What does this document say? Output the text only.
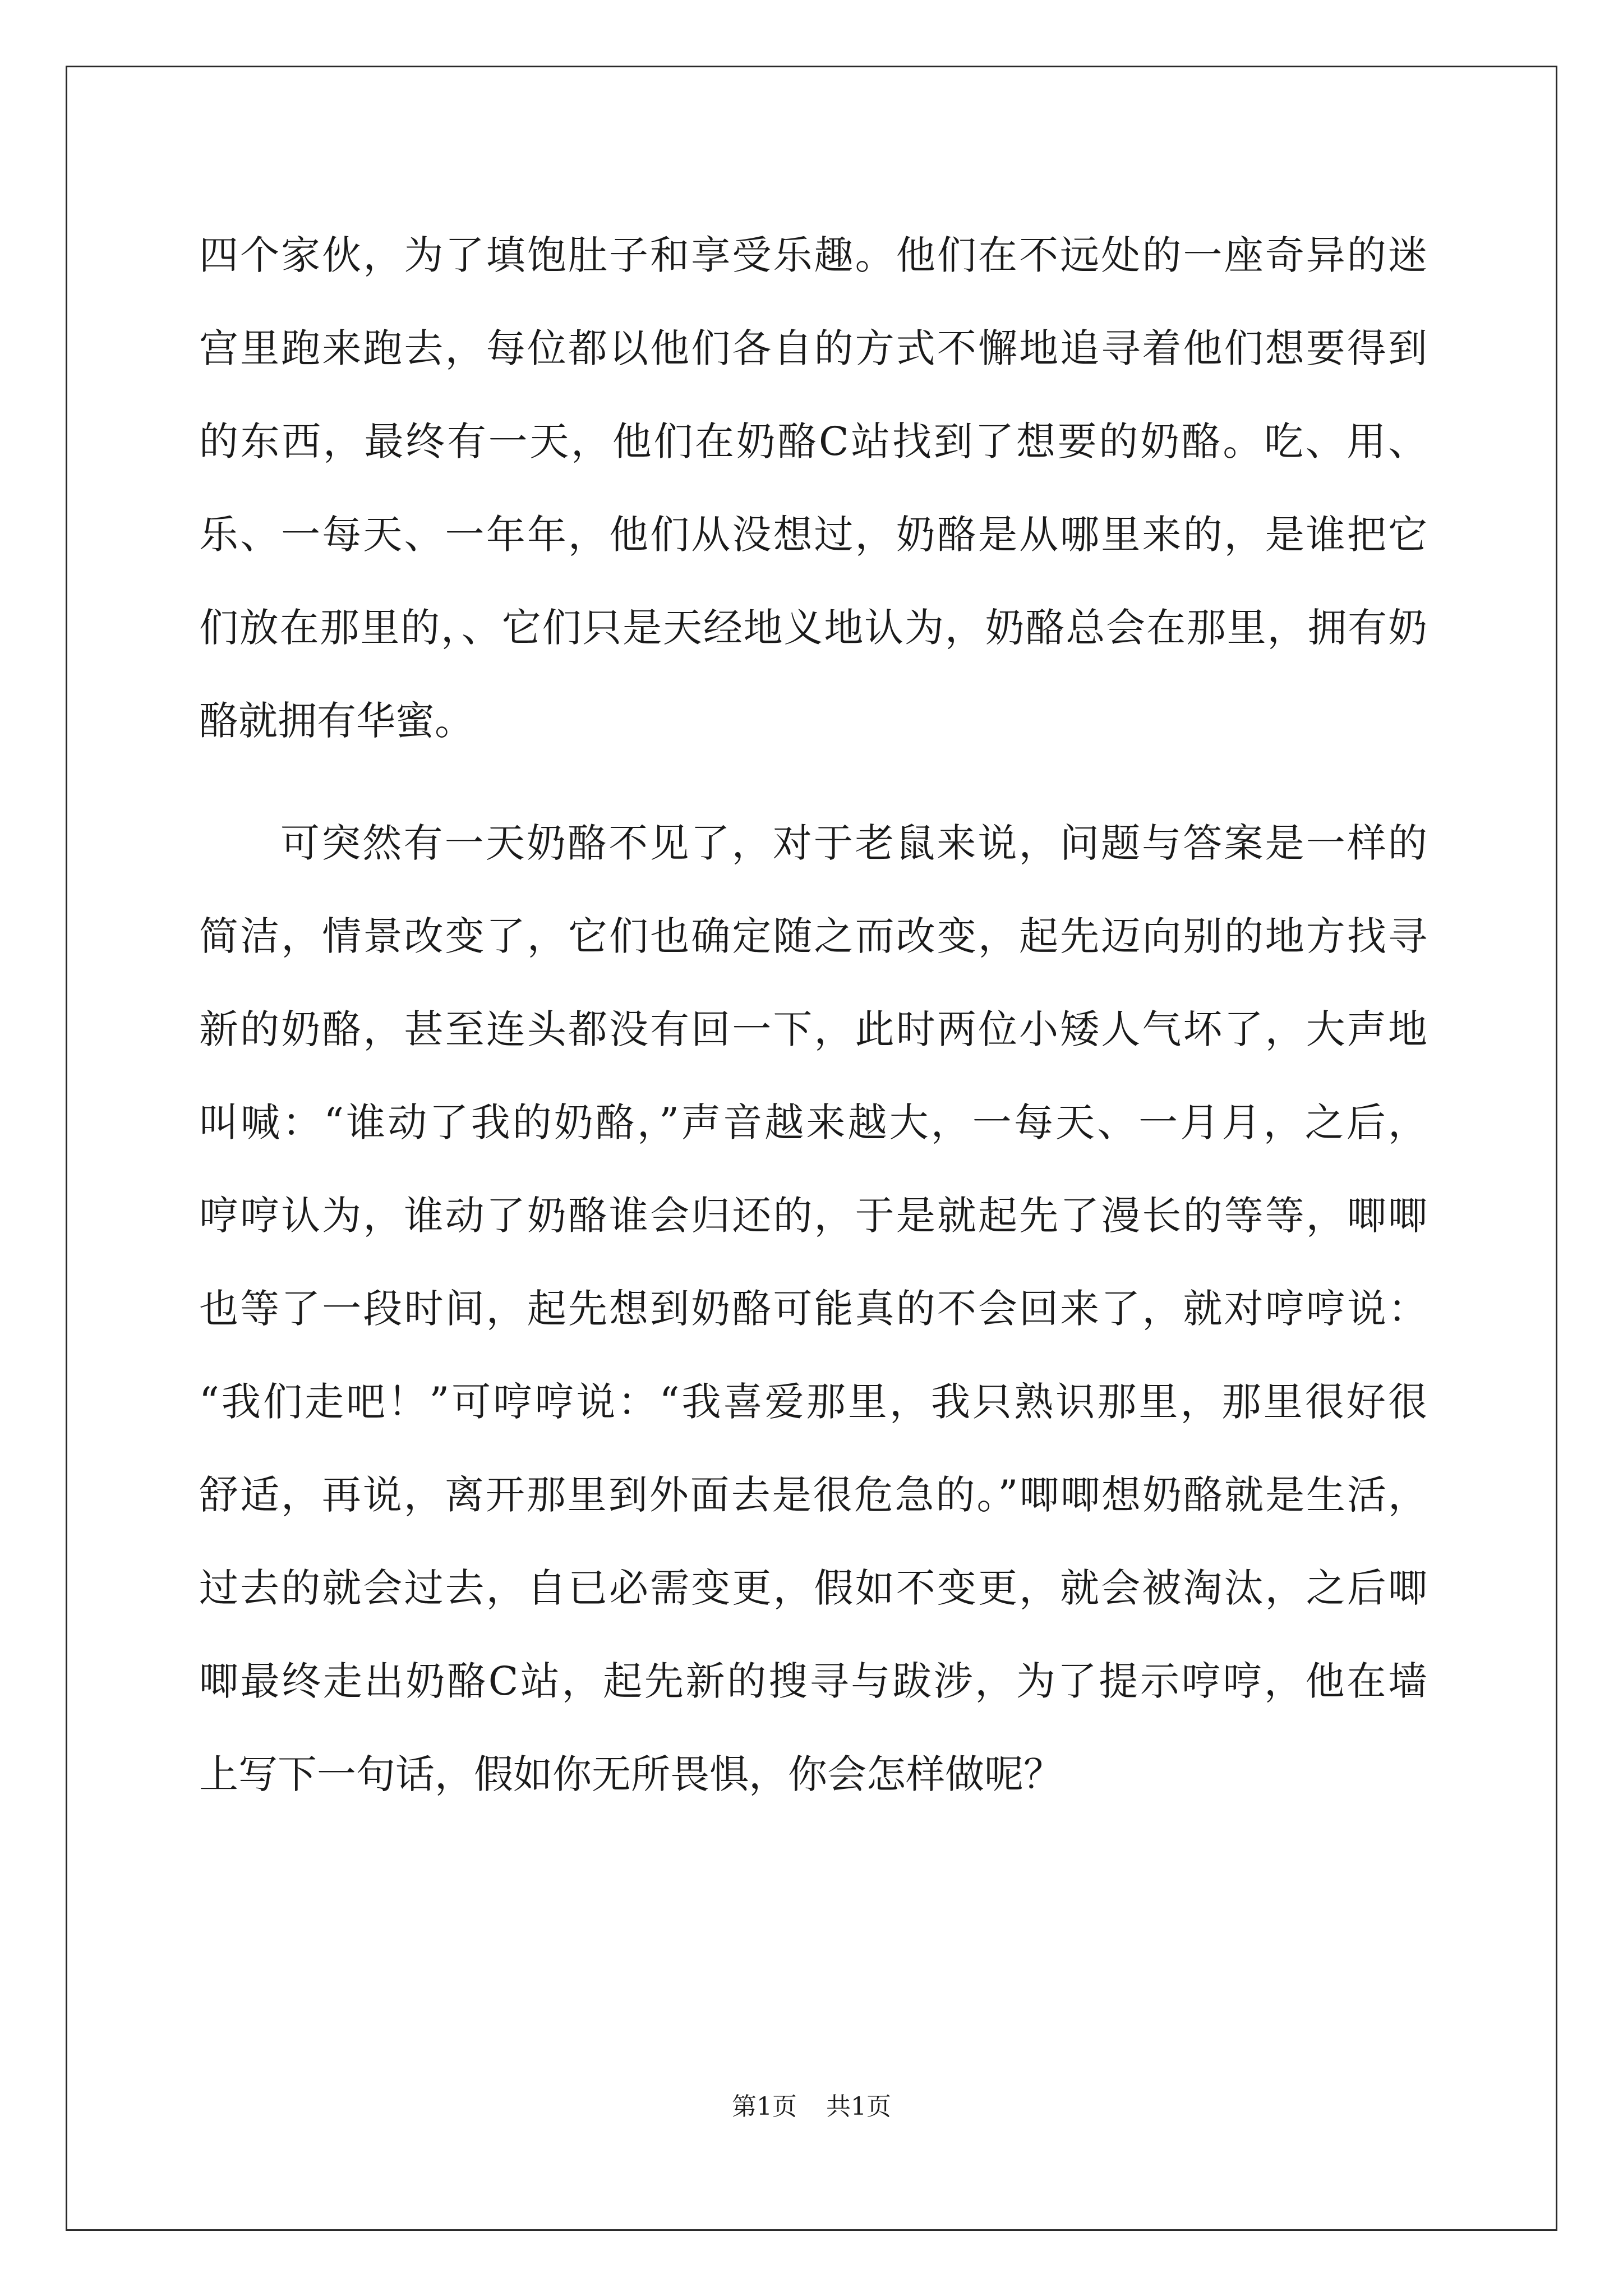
四个家伙，为了填饱肚子和享受乐趣。他们在不远处的一座奇异的迷
宫里跑来跑去，每位都以他们各自的方式不懈地追寻着他们想要得到
的东西，最终有一天，他们在奶酪C站找到了想要的奶酪。吃、用、
乐、一每天、一年年，他们从没想过，奶酪是从哪里来的，是谁把它
们放在那里的，、它们只是天经地义地认为，奶酪总会在那里，拥有奶
酪就拥有华蜜。
可突然有一天奶酪不见了，对于老鼠来说，问题与答案是一样的
简洁，情景改变了，它们也确定随之而改变，起先迈向别的地方找寻
新的奶酪，甚至连头都没有回一下，此时两位小矮人气坏了，大声地
叫喊：“谁动了我的奶酪，”声音越来越大，一每天、一月月，之后，
哼哼认为，谁动了奶酪谁会归还的，于是就起先了漫长的等等，唧唧
也等了一段时间，起先想到奶酪可能真的不会回来了，就对哼哼说：
“我们走吧！”可哼哼说：“我喜爱那里，我只熟识那里，那里很好很
舒适，再说，离开那里到外面去是很危急的。”唧唧想奶酪就是生活，
过去的就会过去，自已必需变更，假如不变更，就会被淘汰，之后唧
唧最终走出奶酪C站，起先新的搜寻与跋涉，为了提示哼哼，他在墙
上写下一句话，假如你无所畏惧，你会怎样做呢？
第1页 共1页
